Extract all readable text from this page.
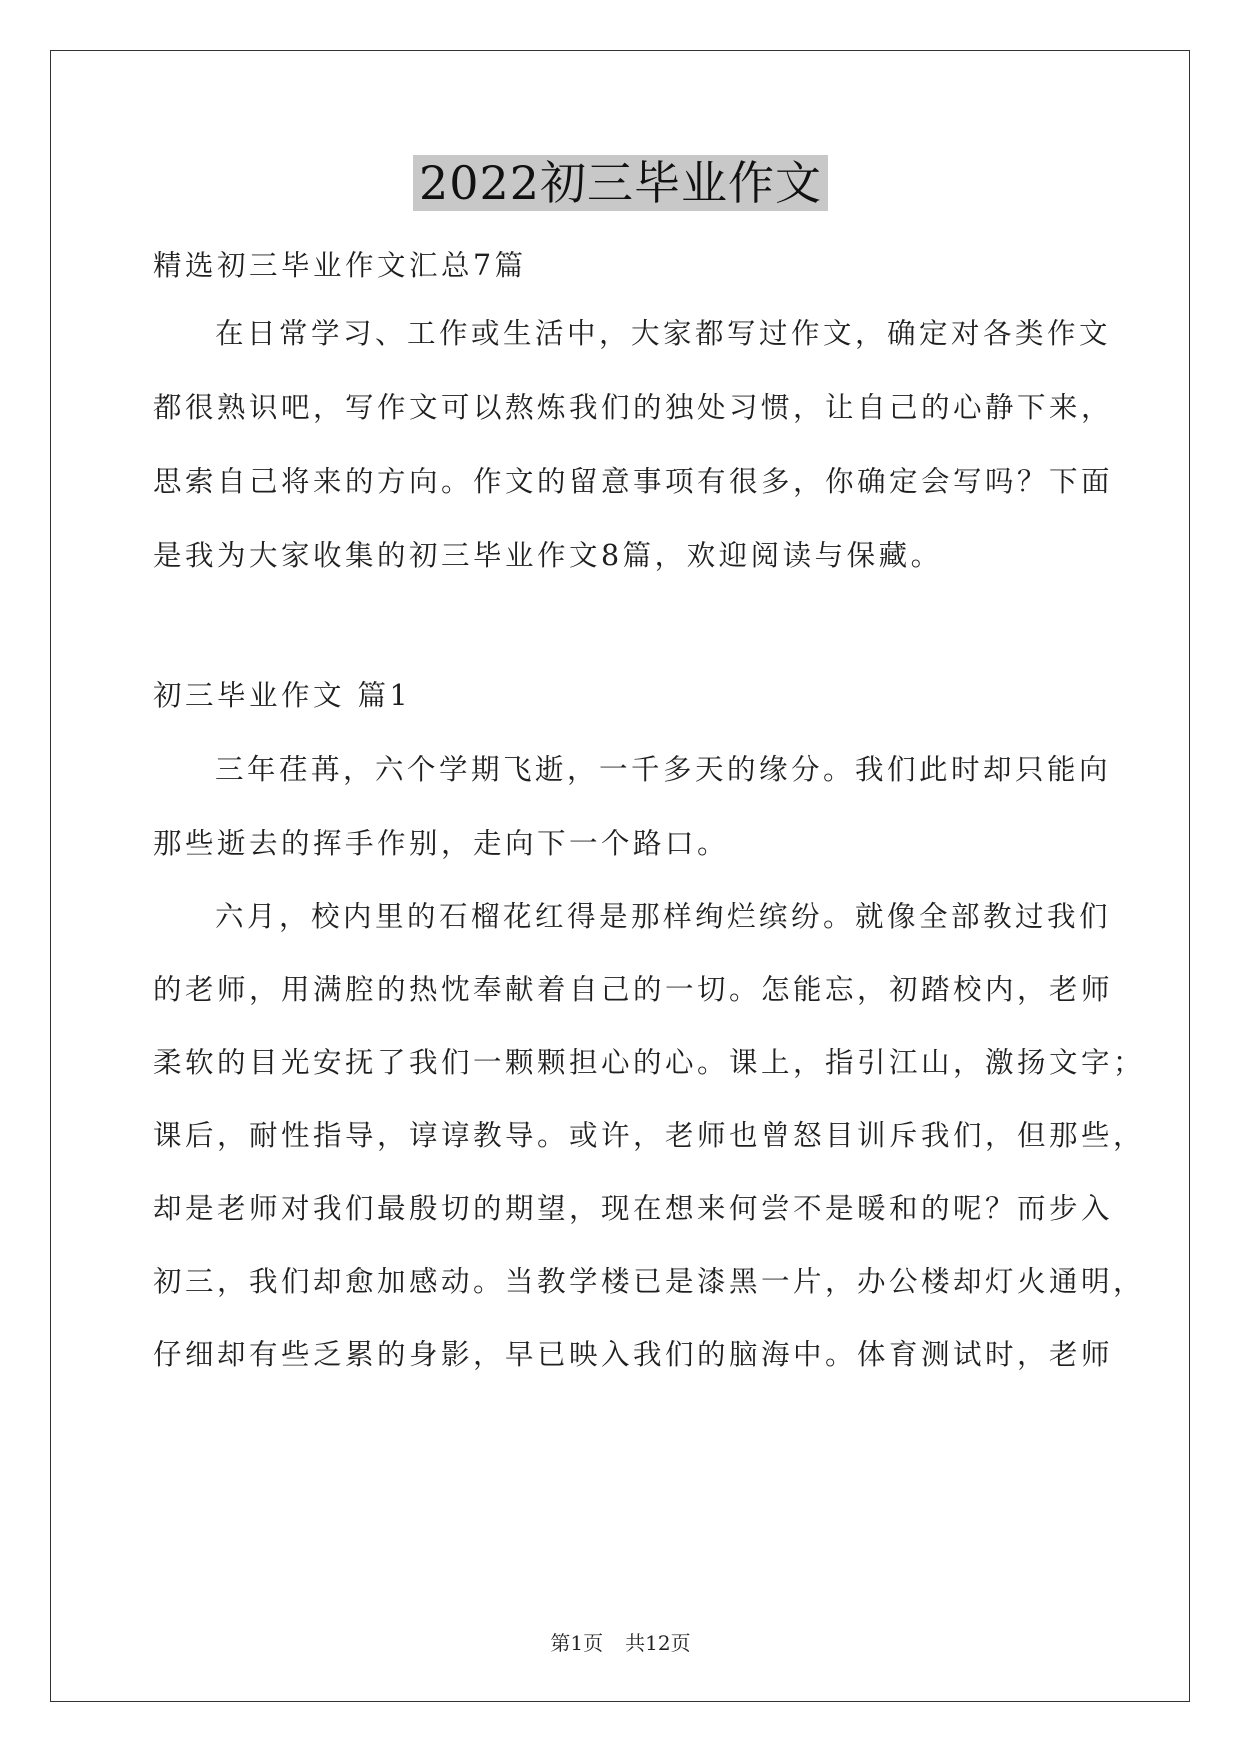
2022初三毕业作文
精选初三毕业作文汇总7篇
在日常学习、工作或生活中，大家都写过作文，确定对各类作文
都很熟识吧，写作文可以熬炼我们的独处习惯，让自己的心静下来，
思索自己将来的方向。作文的留意事项有很多，你确定会写吗？下面
是我为大家收集的初三毕业作文8篇，欢迎阅读与保藏。
初三毕业作文 篇1
三年荏苒，六个学期飞逝，一千多天的缘分。我们此时却只能向
那些逝去的挥手作别，走向下一个路口。
六月，校内里的石榴花红得是那样绚烂缤纷。就像全部教过我们
的老师，用满腔的热忱奉献着自己的一切。怎能忘，初踏校内，老师
柔软的目光安抚了我们一颗颗担心的心。课上，指引江山，激扬文字；
课后，耐性指导，谆谆教导。或许，老师也曾怒目训斥我们，但那些，
却是老师对我们最殷切的期望，现在想来何尝不是暖和的呢？而步入
初三，我们却愈加感动。当教学楼已是漆黑一片，办公楼却灯火通明，
仔细却有些乏累的身影，早已映入我们的脑海中。体育测试时，老师
第1页 共12页
